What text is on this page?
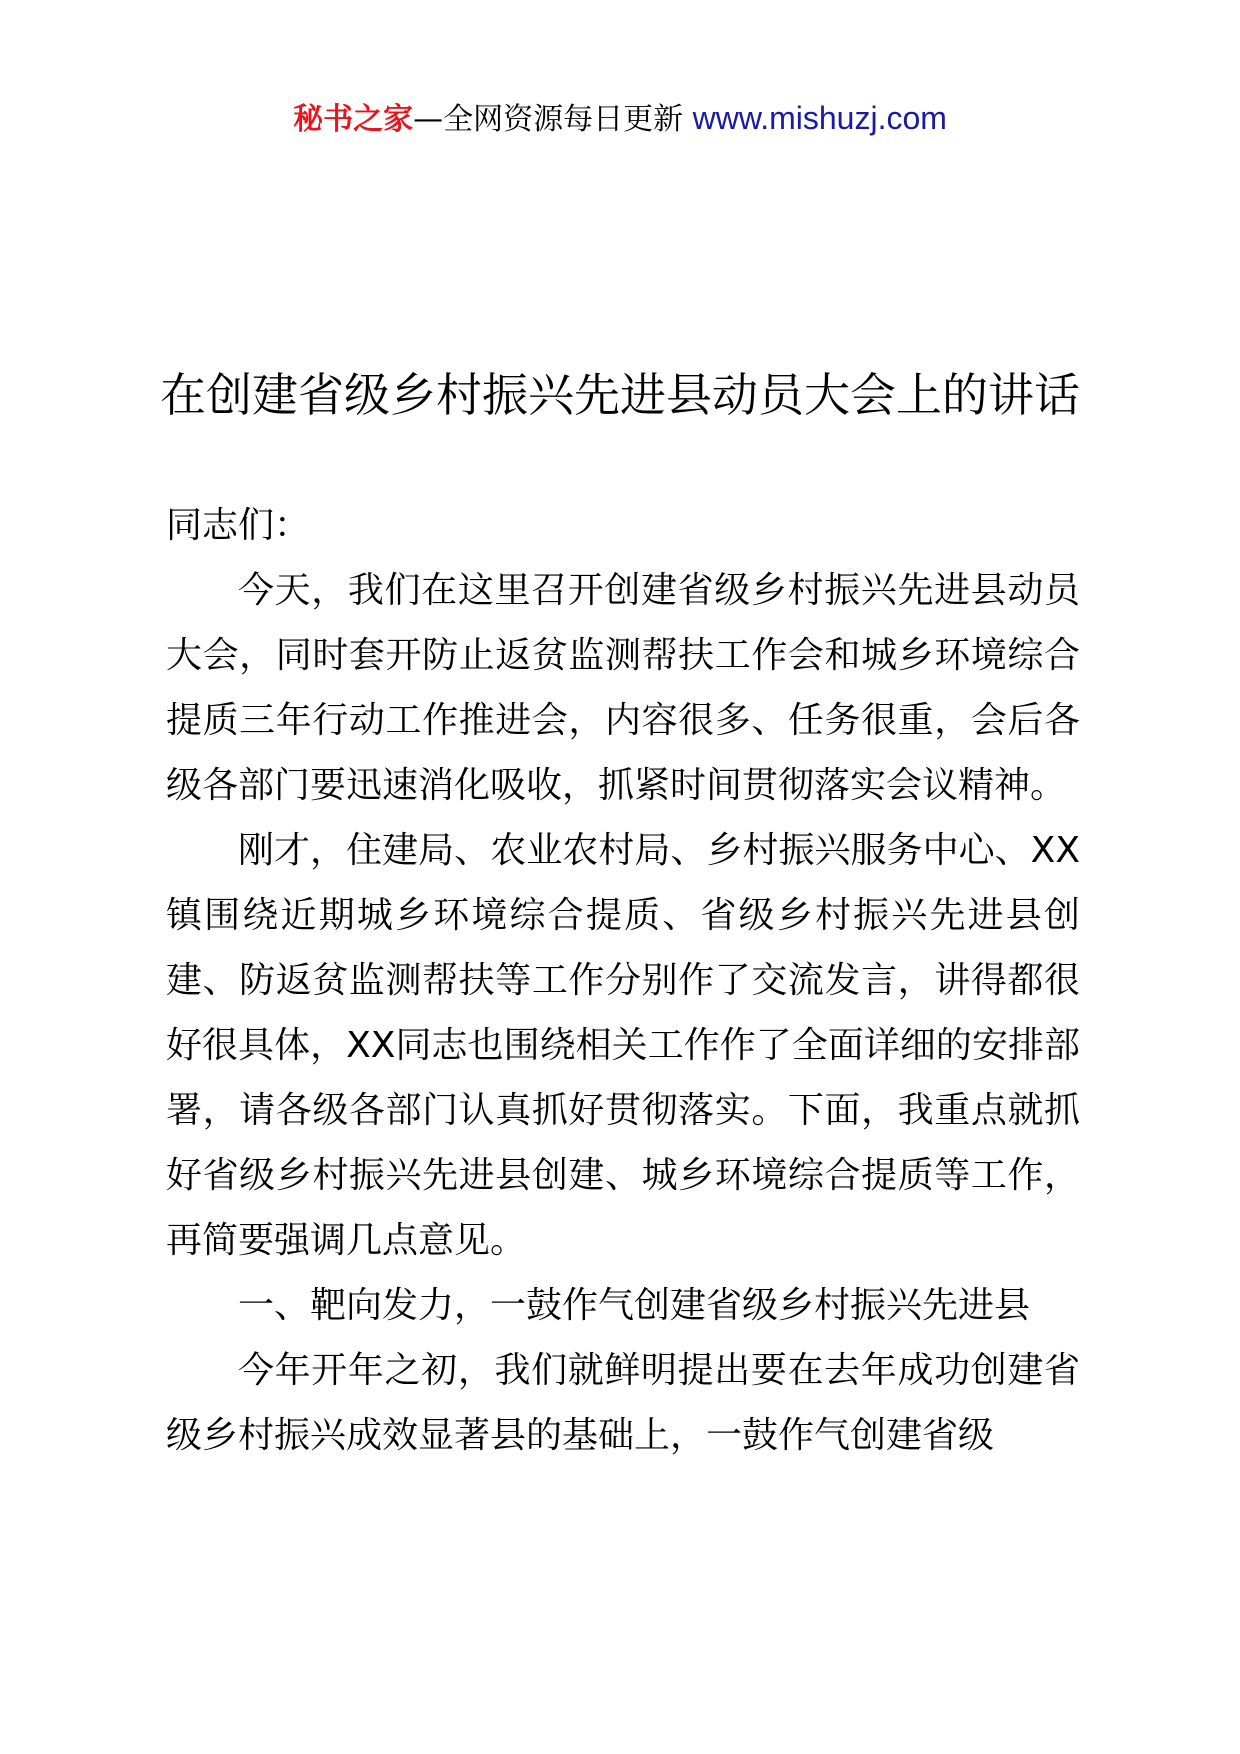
秘书之家—全网资源每日更新 www.mishuzj.com
在创建省级乡村振兴先进县动员大会上的讲话

同志们：

今天，我们在这里召开创建省级乡村振兴先进县动员大会，同时套开防止返贫监测帮扶工作会和城乡环境综合提质三年行动工作推进会，内容很多、任务很重，会后各级各部门要迅速消化吸收，抓紧时间贯彻落实会议精神。

刚才，住建局、农业农村局、乡村振兴服务中心、XX镇围绕近期城乡环境综合提质、省级乡村振兴先进县创建、防返贫监测帮扶等工作分别作了交流发言，讲得都很好很具体，XX同志也围绕相关工作作了全面详细的安排部署，请各级各部门认真抓好贯彻落实。下面，我重点就抓好省级乡村振兴先进县创建、城乡环境综合提质等工作，再简要强调几点意见。

一、靶向发力，一鼓作气创建省级乡村振兴先进县

今年开年之初，我们就鲜明提出要在去年成功创建省级乡村振兴成效显著县的基础上，一鼓作气创建省级
